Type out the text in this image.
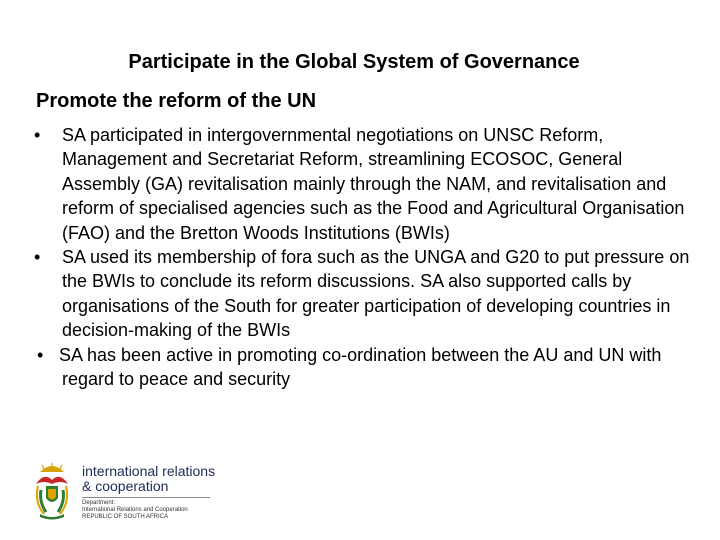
Participate in the Global System of Governance
Promote the reform of the UN
• SA participated in intergovernmental negotiations on UNSC Reform, Management and Secretariat Reform, streamlining ECOSOC, General Assembly (GA) revitalisation mainly through the NAM, and revitalisation and reform of specialised agencies such as the Food and Agricultural Organisation (FAO) and the Bretton Woods Institutions (BWIs)
• SA used its membership of fora such as the UNGA and G20 to put pressure on the BWIs to conclude its reform discussions. SA also supported calls by organisations of the South for greater participation of developing countries in decision-making of the BWIs
• SA has been active in promoting co-ordination between the AU and UN with regard to peace and security
international relations
& cooperation
Department:
International Relations and Cooperation
REPUBLIC OF SOUTH AFRICA
